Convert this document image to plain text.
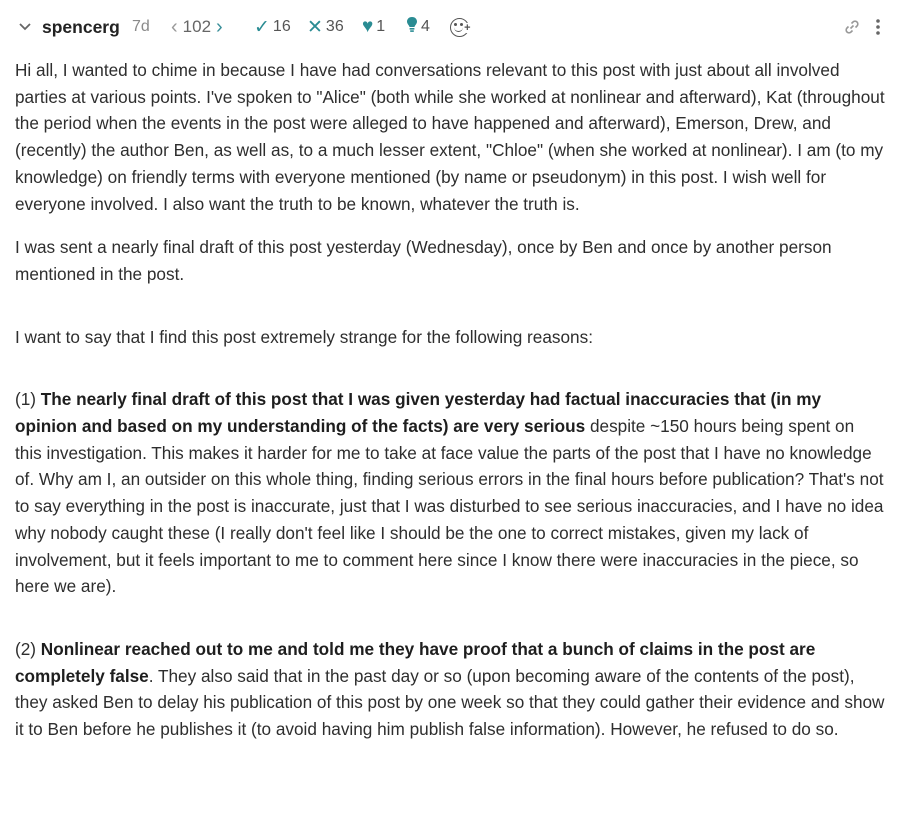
spencerg 7d ‹ 102 › ✓ 16 ✕ 36 ♥ 1 4	+

Hi all, I wanted to chime in because I have had conversations relevant to this post with just about all involved parties at various points. I've spoken to "Alice" (both while she worked at nonlinear and afterward), Kat (throughout the period when the events in the post were alleged to have happened and afterward), Emerson, Drew, and (recently) the author Ben, as well as, to a much lesser extent, "Chloe" (when she worked at nonlinear). I am (to my knowledge) on friendly terms with everyone mentioned (by name or pseudonym) in this post. I wish well for everyone involved. I also want the truth to be known, whatever the truth is.

I was sent a nearly final draft of this post yesterday (Wednesday), once by Ben and once by another person mentioned in the post.

I want to say that I find this post extremely strange for the following reasons:

(1) The nearly final draft of this post that I was given yesterday had factual inaccuracies that (in my opinion and based on my understanding of the facts) are very serious despite ~150 hours being spent on this investigation. This makes it harder for me to take at face value the parts of the post that I have no knowledge of. Why am I, an outsider on this whole thing, finding serious errors in the final hours before publication? That's not to say everything in the post is inaccurate, just that I was disturbed to see serious inaccuracies, and I have no idea why nobody caught these (I really don't feel like I should be the one to correct mistakes, given my lack of involvement, but it feels important to me to comment here since I know there were inaccuracies in the piece, so here we are).

(2) Nonlinear reached out to me and told me they have proof that a bunch of claims in the post are completely false. They also said that in the past day or so (upon becoming aware of the contents of the post), they asked Ben to delay his publication of this post by one week so that they could gather their evidence and show it to Ben before he publishes it (to avoid having him publish false information). However, he refused to do so.
